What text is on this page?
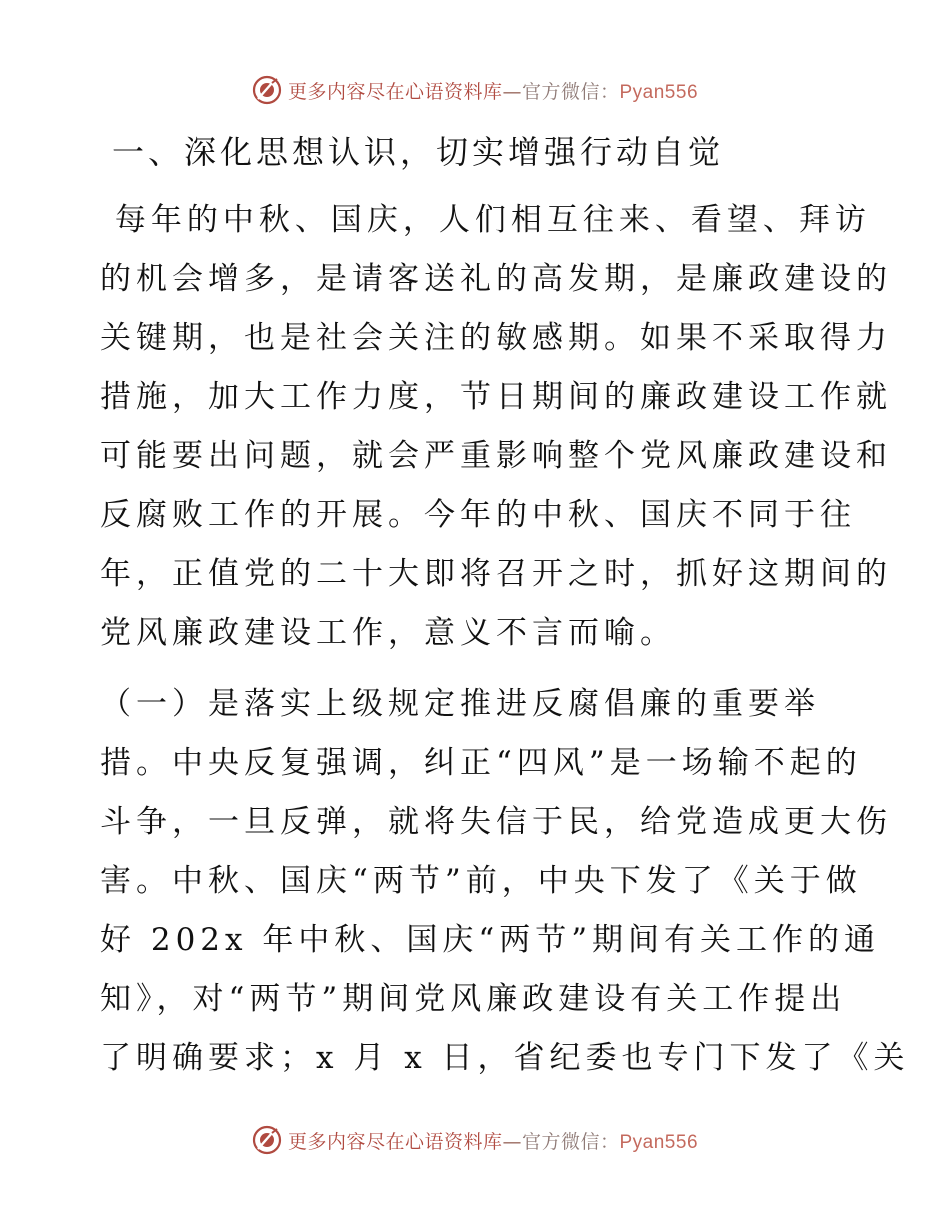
更多内容尽在心语资料库—官方微信：Pyan556
一、深化思想认识，切实增强行动自觉
每年的中秋、国庆，人们相互往来、看望、拜访
的机会增多，是请客送礼的高发期，是廉政建设的
关键期，也是社会关注的敏感期。如果不采取得力
措施，加大工作力度，节日期间的廉政建设工作就
可能要出问题，就会严重影响整个党风廉政建设和
反腐败工作的开展。今年的中秋、国庆不同于往
年，正值党的二十大即将召开之时，抓好这期间的
党风廉政建设工作，意义不言而喻。
（一）是落实上级规定推进反腐倡廉的重要举
措。中央反复强调，纠正“四风”是一场输不起的
斗争，一旦反弹，就将失信于民，给党造成更大伤
害。中秋、国庆“两节”前，中央下发了《关于做
好 202x 年中秋、国庆“两节”期间有关工作的通
知》，对“两节”期间党风廉政建设有关工作提出
了明确要求；x 月 x 日，省纪委也专门下发了《关
更多内容尽在心语资料库—官方微信：Pyan556
